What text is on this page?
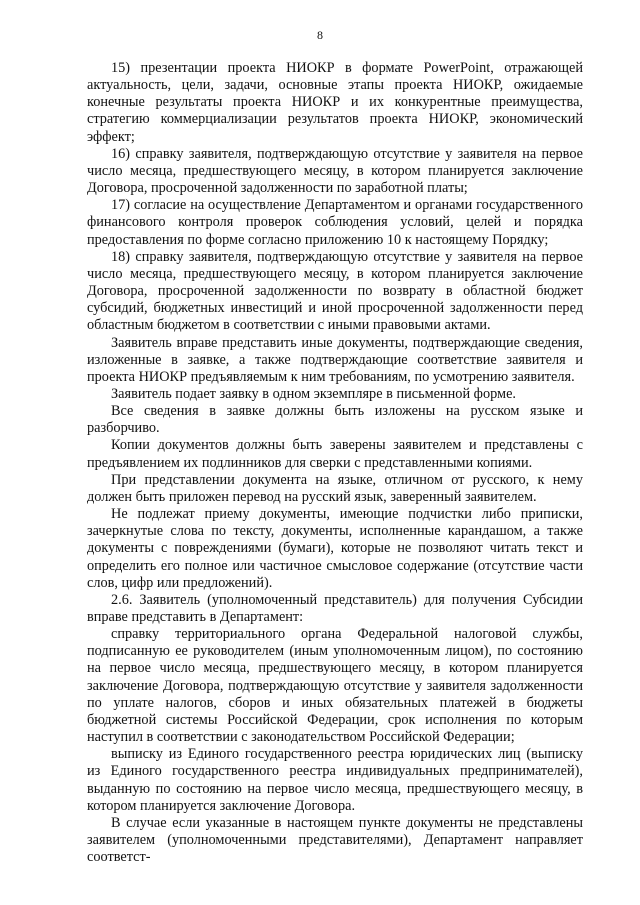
8

15) презентации проекта НИОКР в формате PowerPoint, отражающей актуальность, цели, задачи, основные этапы проекта НИОКР, ожидаемые конечные результаты проекта НИОКР и их конкурентные преимущества, стратегию коммерциализации результатов проекта НИОКР, экономический эффект;

16) справку заявителя, подтверждающую отсутствие у заявителя на первое число месяца, предшествующего месяцу, в котором планируется заключение Договора, просроченной задолженности по заработной платы;

17) согласие на осуществление Департаментом и органами государственного финансового контроля проверок соблюдения условий, целей и порядка предоставления по форме согласно приложению 10 к настоящему Порядку;

18) справку заявителя, подтверждающую отсутствие у заявителя на первое число месяца, предшествующего месяцу, в котором планируется заключение Договора, просроченной задолженности по возврату в областной бюджет субсидий, бюджетных инвестиций и иной просроченной задолженности перед областным бюджетом в соответствии с иными правовыми актами.

Заявитель вправе представить иные документы, подтверждающие сведения, изложенные в заявке, а также подтверждающие соответствие заявителя и проекта НИОКР предъявляемым к ним требованиям, по усмотрению заявителя.

Заявитель подает заявку в одном экземпляре в письменной форме.

Все сведения в заявке должны быть изложены на русском языке и разборчиво.

Копии документов должны быть заверены заявителем и представлены с предъявлением их подлинников для сверки с представленными копиями.

При представлении документа на языке, отличном от русского, к нему должен быть приложен перевод на русский язык, заверенный заявителем.

Не подлежат приему документы, имеющие подчистки либо приписки, зачеркнутые слова по тексту, документы, исполненные карандашом, а также документы с повреждениями (бумаги), которые не позволяют читать текст и определить его полное или частичное смысловое содержание (отсутствие части слов, цифр или предложений).

2.6. Заявитель (уполномоченный представитель) для получения Субсидии вправе представить в Департамент:

справку территориального органа Федеральной налоговой службы, подписанную ее руководителем (иным уполномоченным лицом), по состоянию на первое число месяца, предшествующего месяцу, в котором планируется заключение Договора, подтверждающую отсутствие у заявителя задолженности по уплате налогов, сборов и иных обязательных платежей в бюджеты бюджетной системы Российской Федерации, срок исполнения по которым наступил в соответствии с законодательством Российской Федерации;

выписку из Единого государственного реестра юридических лиц (выписку из Единого государственного реестра индивидуальных предпринимателей), выданную по состоянию на первое число месяца, предшествующего месяцу, в котором планируется заключение Договора.

В случае если указанные в настоящем пункте документы не представлены заявителем (уполномоченными представителями), Департамент направляет соответст-
